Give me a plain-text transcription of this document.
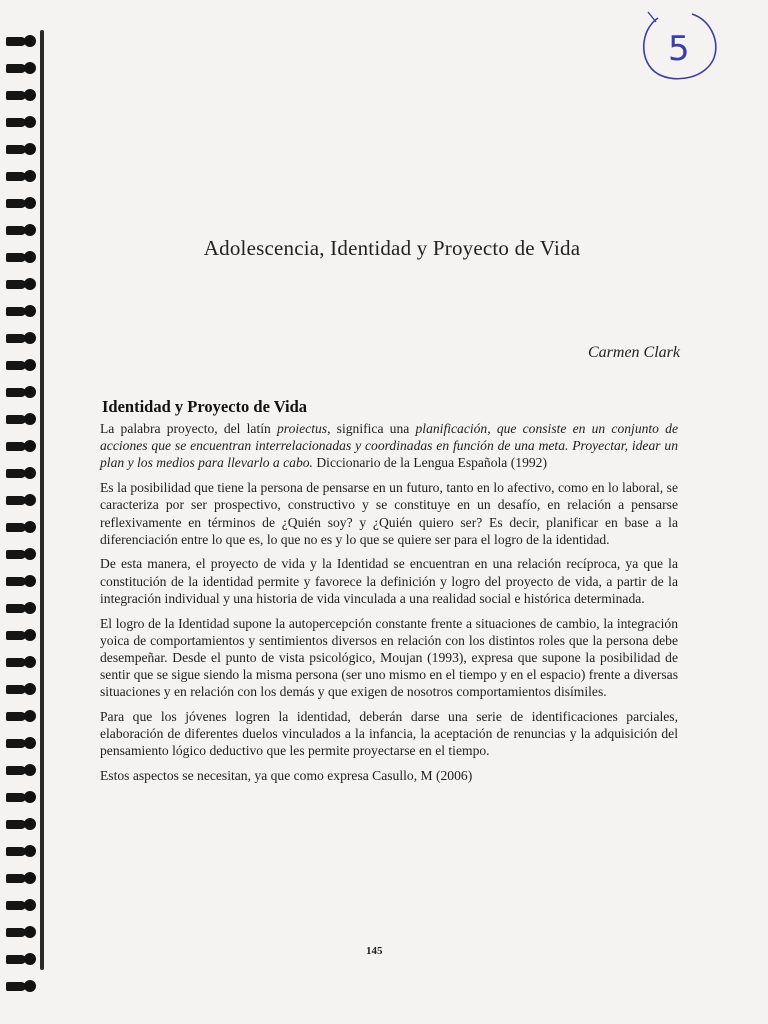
5
Adolescencia, Identidad y Proyecto de Vida
Carmen Clark
Identidad y Proyecto de Vida

La palabra proyecto, del latín proiectus, significa una planificación, que consiste en un conjunto de acciones que se encuentran interrelacionadas y coordinadas en función de una meta. Proyectar, idear un plan y los medios para llevarlo a cabo. Diccionario de la Lengua Española (1992)

Es la posibilidad que tiene la persona de pensarse en un futuro, tanto en lo afectivo, como en lo laboral, se caracteriza por ser prospectivo, constructivo y se constituye en un desafío, en relación a pensarse reflexivamente en términos de ¿Quién soy? y ¿Quién quiero ser? Es decir, planificar en base a la diferenciación entre lo que es, lo que no es y lo que se quiere ser para el logro de la identidad.

De esta manera, el proyecto de vida y la Identidad se encuentran en una relación recíproca, ya que la constitución de la identidad permite y favorece la definición y logro del proyecto de vida, a partir de la integración individual y una historia de vida vinculada a una realidad social e histórica determinada.

El logro de la Identidad supone la autopercepción constante frente a situaciones de cambio, la integración yoica de comportamientos y sentimientos diversos en relación con los distintos roles que la persona debe desempeñar. Desde el punto de vista psicológico, Moujan (1993), expresa que supone la posibilidad de sentir que se sigue siendo la misma persona (ser uno mismo en el tiempo y en el espacio) frente a diversas situaciones y en relación con los demás y que exigen de nosotros comportamientos disímiles.

Para que los jóvenes logren la identidad, deberán darse una serie de identificaciones parciales, elaboración de diferentes duelos vinculados a la infancia, la aceptación de renuncias y la adquisición del pensamiento lógico deductivo que les permite proyectarse en el tiempo.

Estos aspectos se necesitan, ya que como expresa Casullo, M (2006)

145
